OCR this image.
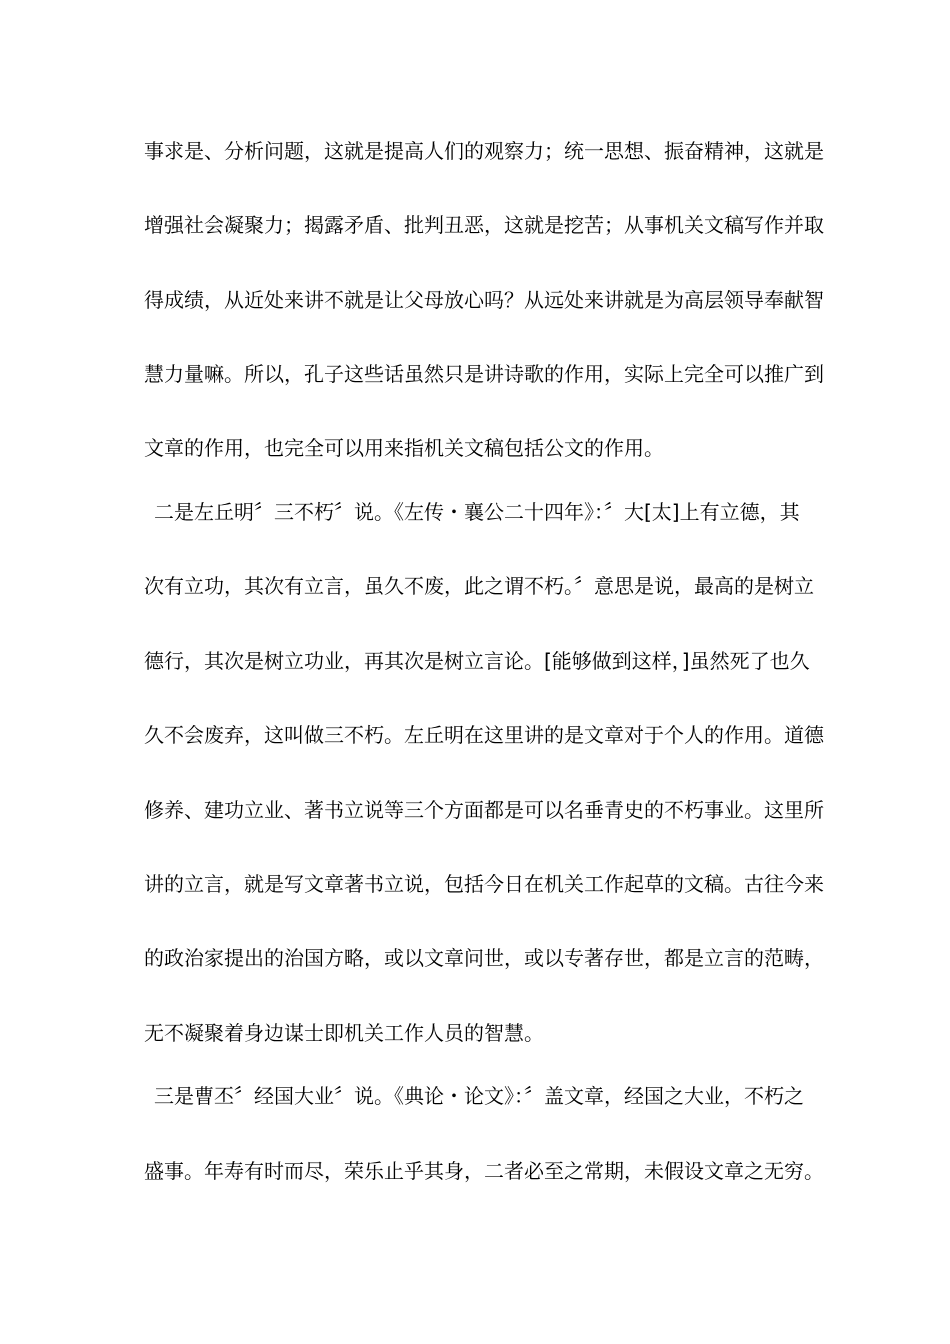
事求是、分析问题，这就是提高人们的观察力；统一思想、振奋精神，这就是
增强社会凝聚力；揭露矛盾、批判丑恶，这就是挖苦；从事机关文稿写作并取
得成绩，从近处来讲不就是让父母放心吗？从远处来讲就是为高层领导奉献智
慧力量嘛。所以，孔子这些话虽然只是讲诗歌的作用，实际上完全可以推广到
文章的作用，也完全可以用来指机关文稿包括公文的作用。
二是左丘明〞三不朽〞说。《左传・襄公二十四年》：〞大[太]上有立德，其
次有立功，其次有立言，虽久不废，此之谓不朽。〞意思是说，最高的是树立
德行，其次是树立功业，再其次是树立言论。[能够做到这样，]虽然死了也久
久不会废弃，这叫做三不朽。左丘明在这里讲的是文章对于个人的作用。道德
修养、建功立业、著书立说等三个方面都是可以名垂青史的不朽事业。这里所
讲的立言，就是写文章著书立说，包括今日在机关工作起草的文稿。古往今来
的政治家提出的治国方略，或以文章问世，或以专著存世，都是立言的范畴，
无不凝聚着身边谋士即机关工作人员的智慧。
三是曹丕〞经国大业〞说。《典论・论文》：〞盖文章，经国之大业，不朽之
盛事。年寿有时而尽，荣乐止乎其身，二者必至之常期，未假设文章之无穷。
